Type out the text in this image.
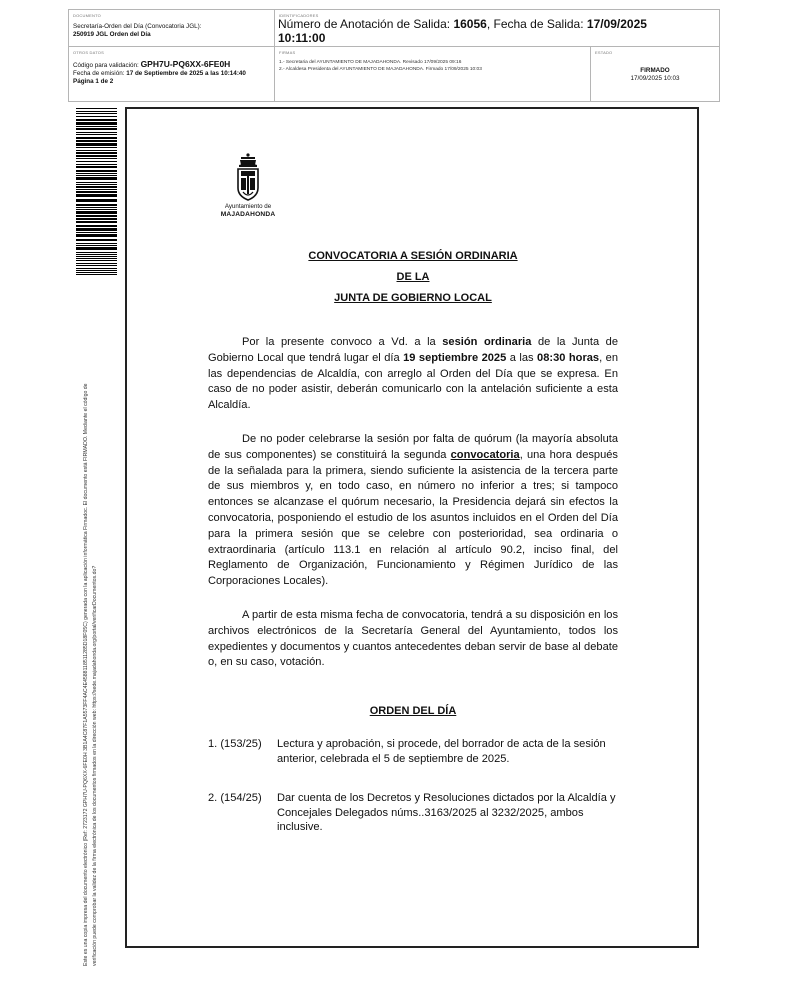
DOCUMENTO
Secretaría-Orden del Día (Convocatoria JGL):
250919 JGL Orden del Día
IDENTIFICADORES
Número de Anotación de Salida: 16056, Fecha de Salida: 17/09/2025
10:11:00
OTROS DATOS
Código para validación: GPH7U-PQ6XX-6FE0H
Fecha de emisión: 17 de Septiembre de 2025 a las 10:14:40
Página 1 de 2
FIRMAS
1.- Secretaria del AYUNTAMIENTO DE MAJADAHONDA. Revisado 17/09/2025 09:16
2.- Alcaldesa Presidenta del AYUNTAMIENTO DE MAJADAHONDA. Firmado 17/09/2025 10:03
ESTADO
FIRMADO
17/09/2025 10:03
Este es una copia impresa del documento electrónico (Ref: 2723172 GPH7U-PQ6XX-6FE0H 3B1A4C87F1A5573FF4AC4E4588118511285D18F05C) generada con la aplicación informática Firmadoc. El documento está FIRMADO. Mediante el código de verificación puede comprobar la validez de la firma electrónica de los documentos firmados en la dirección web: https://sede.majadahonda.org/portal/verificarDocumentos.do?
Ayuntamiento de
MAJADAHONDA
CONVOCATORIA A SESIÓN ORDINARIA
DE LA
JUNTA DE GOBIERNO LOCAL
Por la presente convoco a Vd. a la sesión ordinaria de la Junta de Gobierno Local que tendrá lugar el día 19 septiembre 2025 a las 08:30 horas, en las dependencias de Alcaldía, con arreglo al Orden del Día que se expresa. En caso de no poder asistir, deberán comunicarlo con la antelación suficiente a esta Alcaldía.
De no poder celebrarse la sesión por falta de quórum (la mayoría absoluta de sus componentes) se constituirá la segunda convocatoria, una hora después de la señalada para la primera, siendo suficiente la asistencia de la tercera parte de sus miembros y, en todo caso, en número no inferior a tres; si tampoco entonces se alcanzase el quórum necesario, la Presidencia dejará sin efectos la convocatoria, posponiendo el estudio de los asuntos incluidos en el Orden del Día para la primera sesión que se celebre con posterioridad, sea ordinaria o extraordinaria (artículo 113.1 en relación al artículo 90.2, inciso final, del Reglamento de Organización, Funcionamiento y Régimen Jurídico de las Corporaciones Locales).
A partir de esta misma fecha de convocatoria, tendrá a su disposición en los archivos electrónicos de la Secretaría General del Ayuntamiento, todos los expedientes y documentos y cuantos antecedentes deban servir de base al debate o, en su caso, votación.
ORDEN DEL DÍA
1. (153/25) Lectura y aprobación, si procede, del borrador de acta de la sesión anterior, celebrada el 5 de septiembre de 2025.
2. (154/25) Dar cuenta de los Decretos y Resoluciones dictados por la Alcaldía y Concejales Delegados núms..3163/2025 al 3232/2025, ambos inclusive.
